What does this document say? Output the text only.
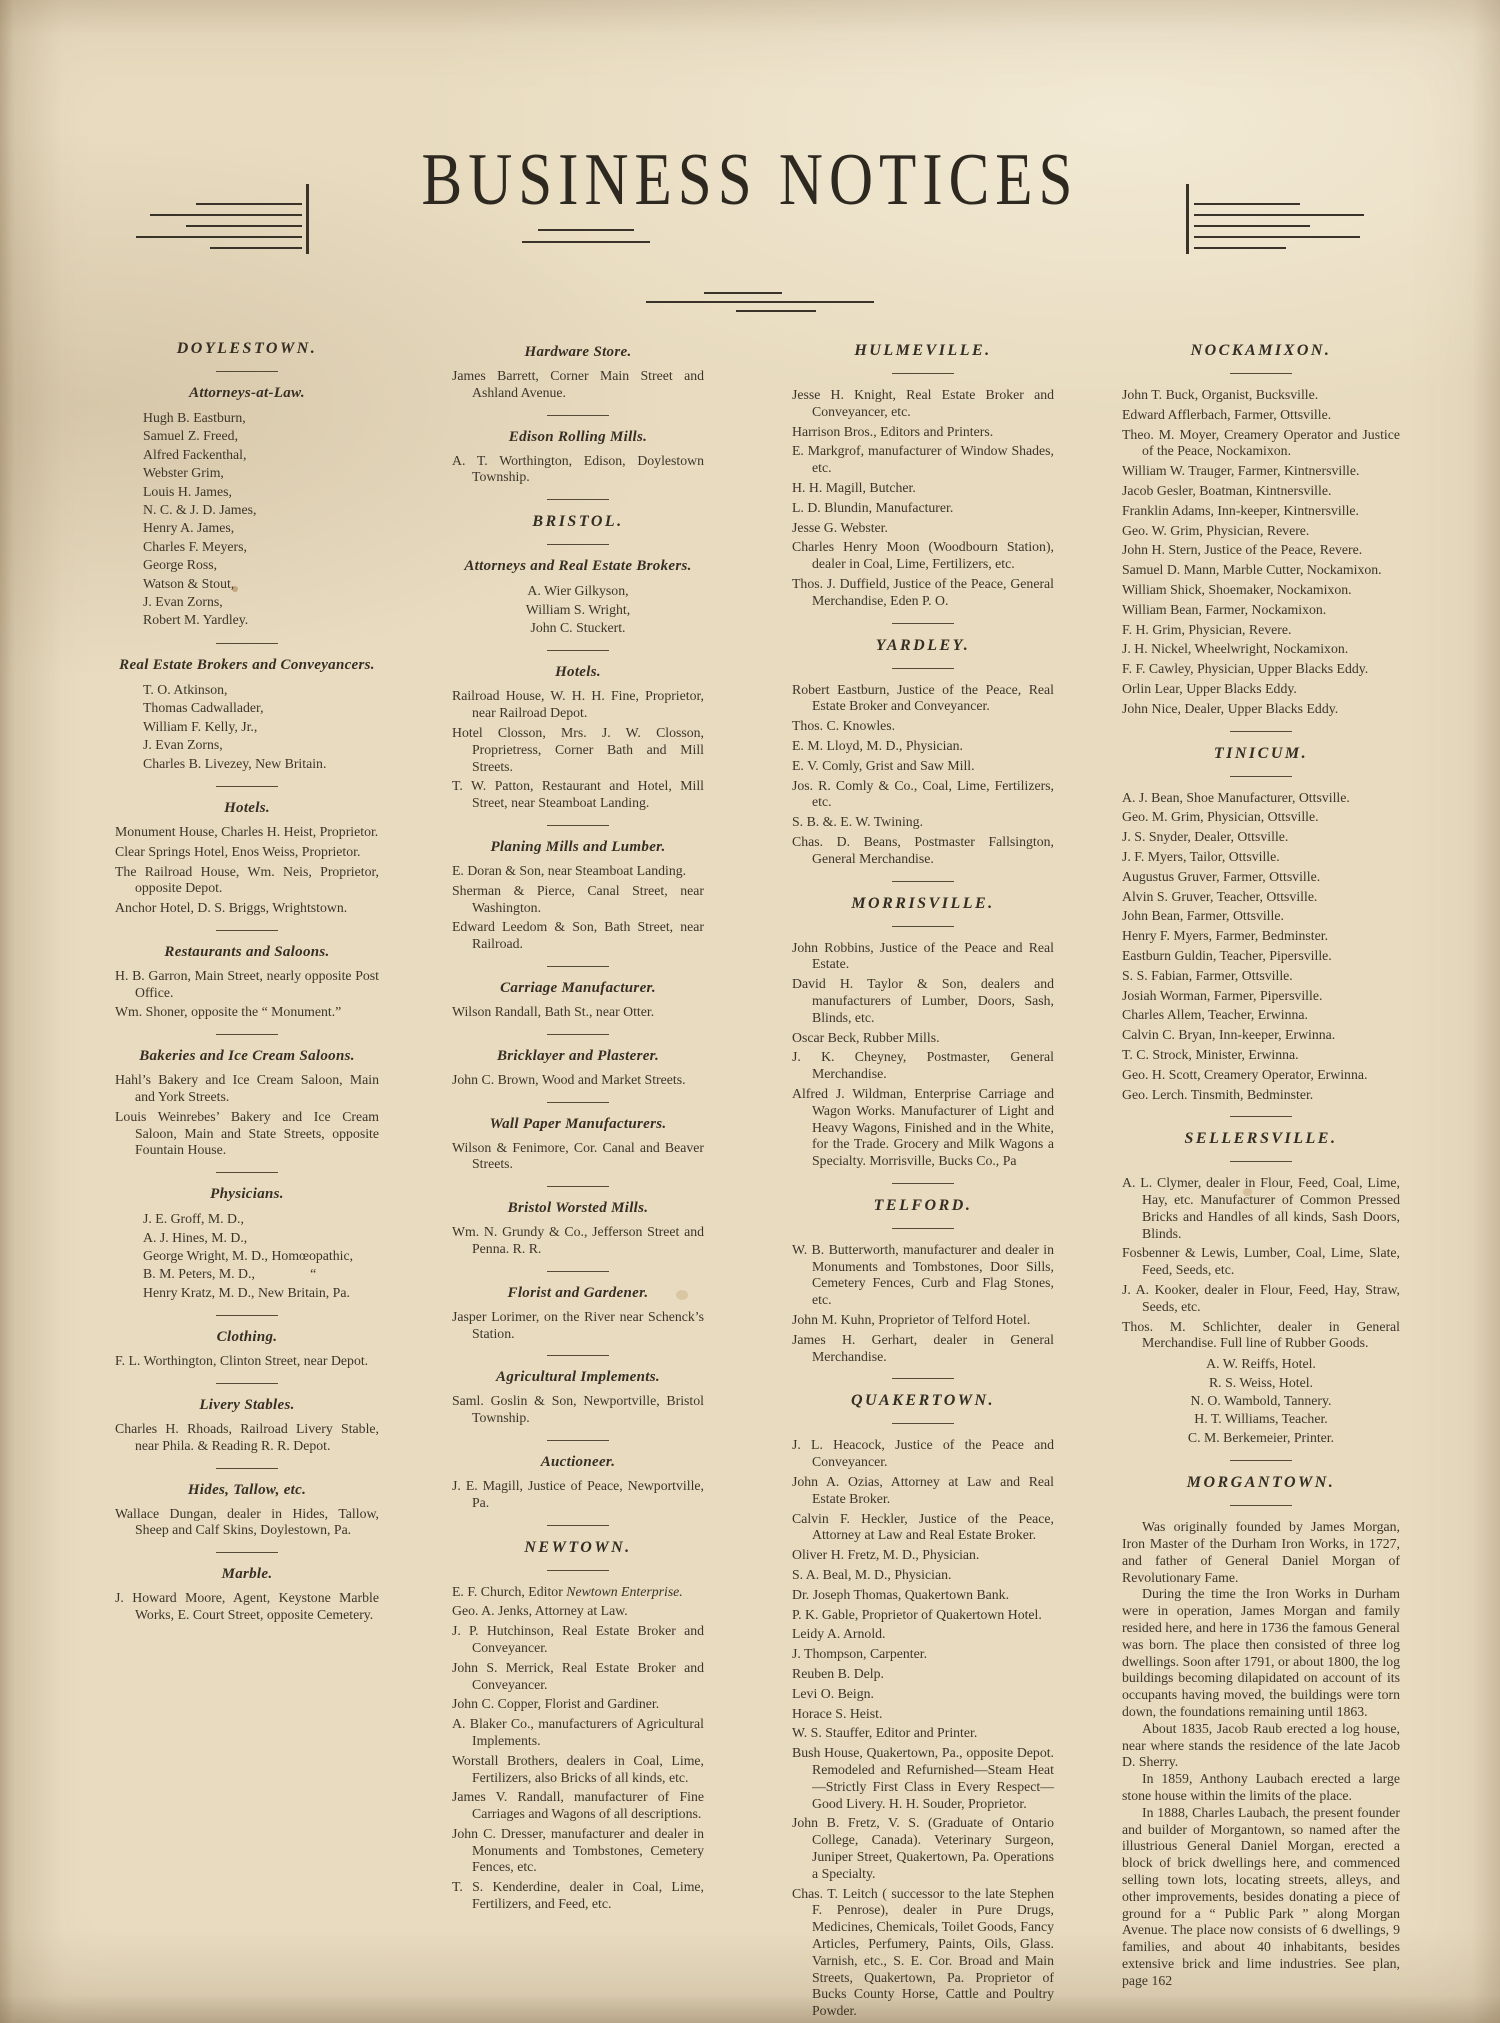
BUSINESS NOTICES
DOYLESTOWN.
Attorneys-at-Law.
Hugh B. Eastburn,
Samuel Z. Freed,
Alfred Fackenthal,
Webster Grim,
Louis H. James,
N. C. & J. D. James,
Henry A. James,
Charles F. Meyers,
George Ross,
Watson & Stout,
J. Evan Zorns,
Robert M. Yardley.
Real Estate Brokers and Conveyancers.
T. O. Atkinson,
Thomas Cadwallader,
William F. Kelly, Jr.,
J. Evan Zorns,
Charles B. Livezey, New Britain.
Hotels.
Monument House, Charles H. Heist, Proprietor.
Clear Springs Hotel, Enos Weiss, Proprietor.
The Railroad House, Wm. Neis, Proprietor, opposite Depot.
Anchor Hotel, D. S. Briggs, Wrightstown.
Restaurants and Saloons.
H. B. Garron, Main Street, nearly opposite Post Office.
Wm. Shoner, opposite the “ Monument.”
Bakeries and Ice Cream Saloons.
Hahl’s Bakery and Ice Cream Saloon, Main and York Streets.
Louis Weinrebes’ Bakery and Ice Cream Saloon, Main and State Streets, opposite Fountain House.
Physicians.
J. E. Groff, M. D.,
A. J. Hines, M. D.,
George Wright, M. D., Homœopathic,
B. M. Peters, M. D.,    “
Henry Kratz, M. D., New Britain, Pa.
Clothing.
F. L. Worthington, Clinton Street, near Depot.
Livery Stables.
Charles H. Rhoads, Railroad Livery Stable, near Phila. & Reading R. R. Depot.
Hides, Tallow, etc.
Wallace Dungan, dealer in Hides, Tallow, Sheep and Calf Skins, Doylestown, Pa.
Marble.
J. Howard Moore, Agent, Keystone Marble Works, E. Court Street, opposite Cemetery.
Hardware Store.
James Barrett, Corner Main Street and Ashland Avenue.
Edison Rolling Mills.
A. T. Worthington, Edison, Doylestown Township.
BRISTOL.
Attorneys and Real Estate Brokers.
A. Wier Gilkyson,
William S. Wright,
John C. Stuckert.
Hotels.
Railroad House, W. H. H. Fine, Proprietor, near Railroad Depot.
Hotel Closson, Mrs. J. W. Closson, Proprietress, Corner Bath and Mill Streets.
T. W. Patton, Restaurant and Hotel, Mill Street, near Steamboat Landing.
Planing Mills and Lumber.
E. Doran & Son, near Steamboat Landing.
Sherman & Pierce, Canal Street, near Washington.
Edward Leedom & Son, Bath Street, near Railroad.
Carriage Manufacturer.
Wilson Randall, Bath St., near Otter.
Bricklayer and Plasterer.
John C. Brown, Wood and Market Streets.
Wall Paper Manufacturers.
Wilson & Fenimore, Cor. Canal and Beaver Streets.
Bristol Worsted Mills.
Wm. N. Grundy & Co., Jefferson Street and Penna. R. R.
Florist and Gardener.
Jasper Lorimer, on the River near Schenck’s Station.
Agricultural Implements.
Saml. Goslin & Son, Newportville, Bristol Township.
Auctioneer.
J. E. Magill, Justice of Peace, Newportville, Pa.
NEWTOWN.
E. F. Church, Editor Newtown Enterprise.
Geo. A. Jenks, Attorney at Law.
J. P. Hutchinson, Real Estate Broker and Conveyancer.
John S. Merrick, Real Estate Broker and Conveyancer.
John C. Copper, Florist and Gardiner.
A. Blaker Co., manufacturers of Agricultural Implements.
Worstall Brothers, dealers in Coal, Lime, Fertilizers, also Bricks of all kinds, etc.
James V. Randall, manufacturer of Fine Carriages and Wagons of all descriptions.
John C. Dresser, manufacturer and dealer in Monuments and Tombstones, Cemetery Fences, etc.
T. S. Kenderdine, dealer in Coal, Lime, Fertilizers, and Feed, etc.
HULMEVILLE.
Jesse H. Knight, Real Estate Broker and Conveyancer, etc.
Harrison Bros., Editors and Printers.
E. Markgrof, manufacturer of Window Shades, etc.
H. H. Magill, Butcher.
L. D. Blundin, Manufacturer.
Jesse G. Webster.
Charles Henry Moon (Woodbourn Station), dealer in Coal, Lime, Fertilizers, etc.
Thos. J. Duffield, Justice of the Peace, General Merchandise, Eden P. O.
YARDLEY.
Robert Eastburn, Justice of the Peace, Real Estate Broker and Conveyancer.
Thos. C. Knowles.
E. M. Lloyd, M. D., Physician.
E. V. Comly, Grist and Saw Mill.
Jos. R. Comly & Co., Coal, Lime, Fertilizers, etc.
S. B. &. E. W. Twining.
Chas. D. Beans, Postmaster Fallsington, General Merchandise.
MORRISVILLE.
John Robbins, Justice of the Peace and Real Estate.
David H. Taylor & Son, dealers and manufacturers of Lumber, Doors, Sash, Blinds, etc.
Oscar Beck, Rubber Mills.
J. K. Cheyney, Postmaster, General Merchandise.
Alfred J. Wildman, Enterprise Carriage and Wagon Works. Manufacturer of Light and Heavy Wagons, Finished and in the White, for the Trade. Grocery and Milk Wagons a Specialty. Morrisville, Bucks Co., Pa
TELFORD.
W. B. Butterworth, manufacturer and dealer in Monuments and Tombstones, Door Sills, Cemetery Fences, Curb and Flag Stones, etc.
John M. Kuhn, Proprietor of Telford Hotel.
James H. Gerhart, dealer in General Merchandise.
QUAKERTOWN.
J. L. Heacock, Justice of the Peace and Conveyancer.
John A. Ozias, Attorney at Law and Real Estate Broker.
Calvin F. Heckler, Justice of the Peace, Attorney at Law and Real Estate Broker.
Oliver H. Fretz, M. D., Physician.
S. A. Beal, M. D., Physician.
Dr. Joseph Thomas, Quakertown Bank.
P. K. Gable, Proprietor of Quakertown Hotel.
Leidy A. Arnold.
J. Thompson, Carpenter.
Reuben B. Delp.
Levi O. Beign.
Horace S. Heist.
W. S. Stauffer, Editor and Printer.
Bush House, Quakertown, Pa., opposite Depot. Remodeled and Refurnished—Steam Heat—Strictly First Class in Every Respect—Good Livery. H. H. Souder, Proprietor.
John B. Fretz, V. S. (Graduate of Ontario College, Canada). Veterinary Surgeon, Juniper Street, Quakertown, Pa. Operations a Specialty.
Chas. T. Leitch ( successor to the late Stephen F. Penrose), dealer in Pure Drugs, Medicines, Chemicals, Toilet Goods, Fancy Articles, Perfumery, Paints, Oils, Glass. Varnish, etc., S. E. Cor. Broad and Main Streets, Quakertown, Pa. Proprietor of Bucks County Horse, Cattle and Poultry Powder.
NOCKAMIXON.
John T. Buck, Organist, Bucksville.
Edward Afflerbach, Farmer, Ottsville.
Theo. M. Moyer, Creamery Operator and Justice of the Peace, Nockamixon.
William W. Trauger, Farmer, Kintnersville.
Jacob Gesler, Boatman, Kintnersville.
Franklin Adams, Inn-keeper, Kintnersville.
Geo. W. Grim, Physician, Revere.
John H. Stern, Justice of the Peace, Revere.
Samuel D. Mann, Marble Cutter, Nockamixon.
William Shick, Shoemaker, Nockamixon.
William Bean, Farmer, Nockamixon.
F. H. Grim, Physician, Revere.
J. H. Nickel, Wheelwright, Nockamixon.
F. F. Cawley, Physician, Upper Blacks Eddy.
Orlin Lear, Upper Blacks Eddy.
John Nice, Dealer, Upper Blacks Eddy.
TINICUM.
A. J. Bean, Shoe Manufacturer, Ottsville.
Geo. M. Grim, Physician, Ottsville.
J. S. Snyder, Dealer, Ottsville.
J. F. Myers, Tailor, Ottsville.
Augustus Gruver, Farmer, Ottsville.
Alvin S. Gruver, Teacher, Ottsville.
John Bean, Farmer, Ottsville.
Henry F. Myers, Farmer, Bedminster.
Eastburn Guldin, Teacher, Pipersville.
S. S. Fabian, Farmer, Ottsville.
Josiah Worman, Farmer, Pipersville.
Charles Allem, Teacher, Erwinna.
Calvin C. Bryan, Inn-keeper, Erwinna.
T. C. Strock, Minister, Erwinna.
Geo. H. Scott, Creamery Operator, Erwinna.
Geo. Lerch. Tinsmith, Bedminster.
SELLERSVILLE.
A. L. Clymer, dealer in Flour, Feed, Coal, Lime, Hay, etc. Manufacturer of Common Pressed Bricks and Handles of all kinds, Sash Doors, Blinds.
Fosbenner & Lewis, Lumber, Coal, Lime, Slate, Feed, Seeds, etc.
J. A. Kooker, dealer in Flour, Feed, Hay, Straw, Seeds, etc.
Thos. M. Schlichter, dealer in General Merchandise. Full line of Rubber Goods.
A. W. Reiffs, Hotel.
R. S. Weiss, Hotel.
N. O. Wambold, Tannery.
H. T. Williams, Teacher.
C. M. Berkemeier, Printer.
MORGANTOWN.
Was originally founded by James Morgan, Iron Master of the Durham Iron Works, in 1727, and father of General Daniel Morgan of Revolutionary Fame.
During the time the Iron Works in Durham were in operation, James Morgan and family resided here, and here in 1736 the famous General was born. The place then consisted of three log dwellings. Soon after 1791, or about 1800, the log buildings becoming dilapidated on account of its occupants having moved, the buildings were torn down, the foundations remaining until 1863.
About 1835, Jacob Raub erected a log house, near where stands the residence of the late Jacob D. Sherry.
In 1859, Anthony Laubach erected a large stone house within the limits of the place.
In 1888, Charles Laubach, the present founder and builder of Morgantown, so named after the illustrious General Daniel Morgan, erected a block of brick dwellings here, and commenced selling town lots, locating streets, alleys, and other improvements, besides donating a piece of ground for a “ Public Park ” along Morgan Avenue. The place now consists of 6 dwellings, 9 families, and about 40 inhabitants, besides extensive brick and lime industries. See plan, page 162
